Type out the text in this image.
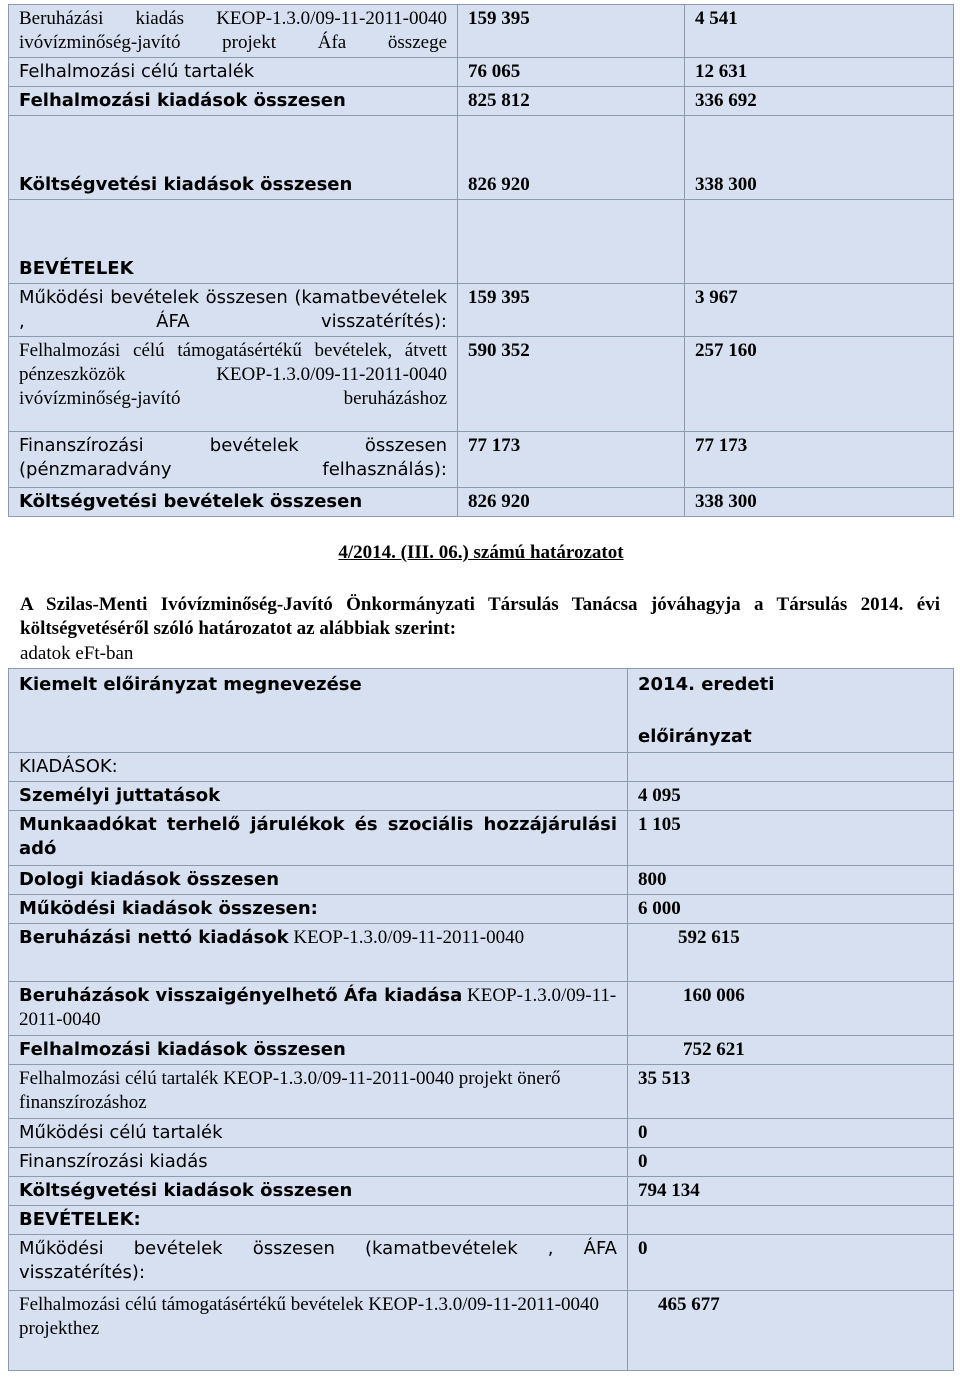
Beruházási kiadás KEOP-1.3.0/09-11-2011-0040 ivóvízminőség-javító projekt Áfa összege	159 395	4 541
Felhalmozási célú tartalék	76 065	12 631
Felhalmozási kiadások összesen	825 812	336 692
Költségvetési kiadások összesen	826 920	338 300
BEVÉTELEK		
Működési bevételek összesen (kamatbevételek , ÁFA visszatérítés):	159 395	3 967
Felhalmozási célú támogatásértékű bevételek, átvett pénzeszközök KEOP-1.3.0/09-11-2011-0040 ivóvízminőség-javító beruházáshoz	590 352	257 160
Finanszírozási bevételek összesen (pénzmaradvány felhasználás):	77 173	77 173
Költségvetési bevételek összesen	826 920	338 300
4/2014. (III. 06.) számú határozatot
A Szilas-Menti Ivóvízminőség-Javító Önkormányzati Társulás Tanácsa jóváhagyja a Társulás 2014. évi költségvetéséről szóló határozatot az alábbiak szerint:
adatok eFt-ban
Kiemelt előirányzat megnevezése	2014. eredeti
előirányzat

KIADÁSOK:	
Személyi juttatások	4 095
Munkaadókat terhelő járulékok és szociális hozzájárulási adó	1 105
Dologi kiadások összesen	800
Működési kiadások összesen:	6 000
Beruházási nettó kiadások KEOP-1.3.0/09-11-2011-0040	592 615
Beruházások visszaigényelhető Áfa kiadása KEOP-1.3.0/09-11-2011-0040	160 006
Felhalmozási kiadások összesen	752 621
Felhalmozási célú tartalék KEOP-1.3.0/09-11-2011-0040 projekt önerő finanszírozáshoz	35 513
Működési célú tartalék	0
Finanszírozási kiadás	0
Költségvetési kiadások összesen	794 134
BEVÉTELEK:	
Működési bevételek összesen (kamatbevételek , ÁFA visszatérítés):	0
Felhalmozási célú támogatásértékű bevételek KEOP-1.3.0/09-11-2011-0040 projekthez	465 677
